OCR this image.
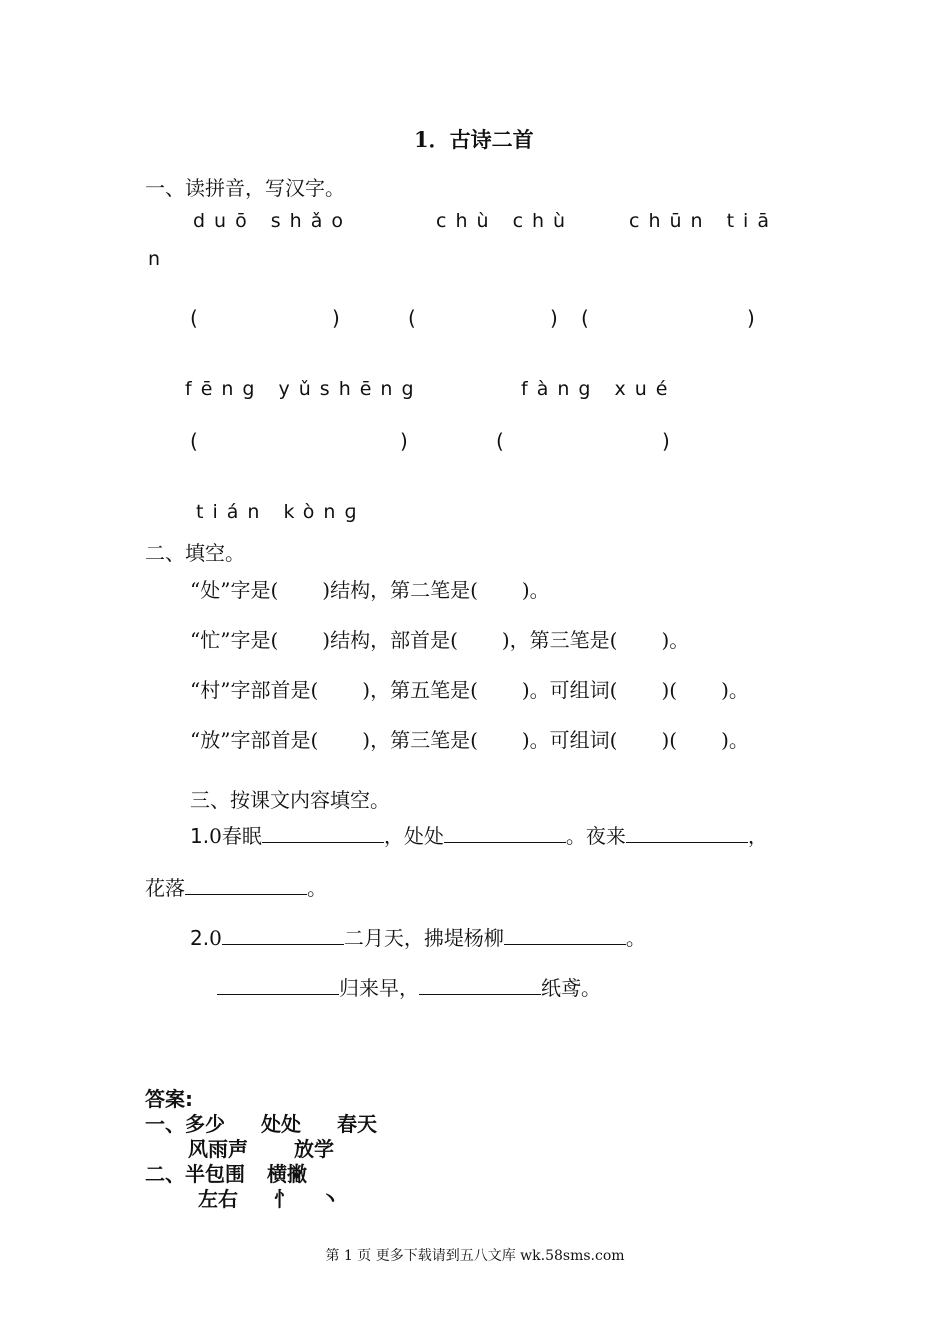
1．古诗二首
一、读拼音，写汉字。
duō shǎo	chù chù	chūn tiā
n
(	)	(	) (	)
fēng yǔshēng	fàng xué
(	)	(	)
tián kònɡ
二、填空。
“处”字是( )结构，第二笔是( )。
“忙”字是( )结构，部首是( )，第三笔是( )。
“村”字部首是( )，第五笔是( )。可组词( )( )。
“放”字部首是( )，第三笔是( )。可组词( )( )。
三、按课文内容填空。
1.0春眠	，处处	。夜来	，
花落	。
2.0	二月天，拂堤杨柳	。
归来早，	纸鸢。
答案:
一、多少 处处 春天
风雨声 放学
二、半包围 横撇
左右 忄 丶
第 1 页 更多下载请到五八文库 wk.58sms.com
